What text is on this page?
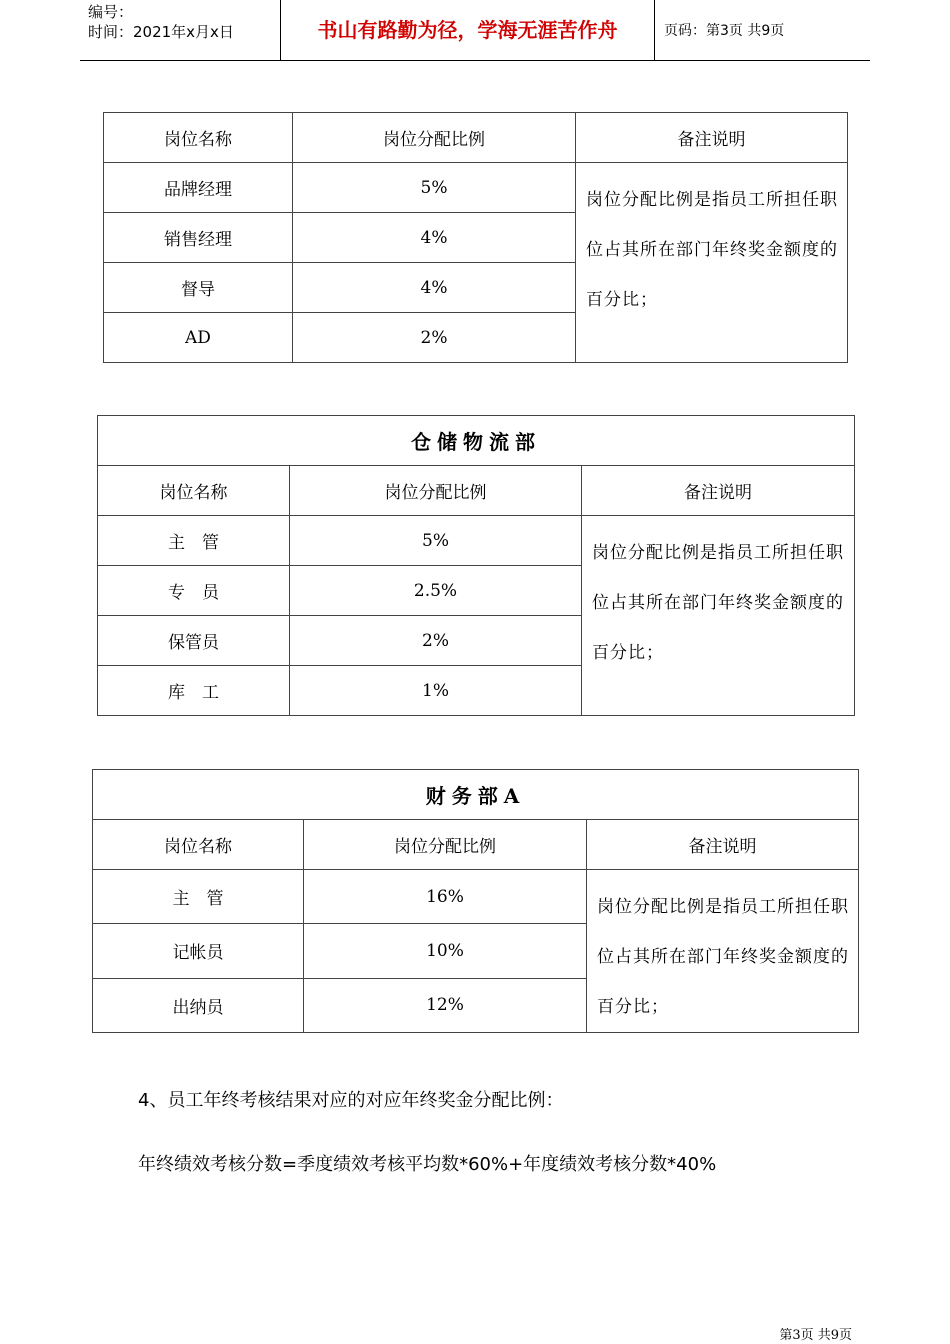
编号：
时间：2021年x月x日	书山有路勤为径，学海无涯苦作舟	页码：第3页 共9页
岗位名称	岗位分配比例	备注说明
品牌经理	5%	岗位分配比例是指员工所担任职位占其所在部门年终奖金额度的百分比；
销售经理	4%	
督导	4%	
AD	2%	
仓储物流部		
岗位名称	岗位分配比例	备注说明
主　管	5%	岗位分配比例是指员工所担任职位占其所在部门年终奖金额度的百分比；
专　员	2.5%	
保管员	2%	
库　工	1%	
财务部A		
岗位名称	岗位分配比例	备注说明
主　管	16%	岗位分配比例是指员工所担任职位占其所在部门年终奖金额度的百分比；
记帐员	10%	
出纳员	12%	
4、员工年终考核结果对应的对应年终奖金分配比例：
年终绩效考核分数=季度绩效考核平均数*60%+年度绩效考核分数*40%
第3页 共9页
